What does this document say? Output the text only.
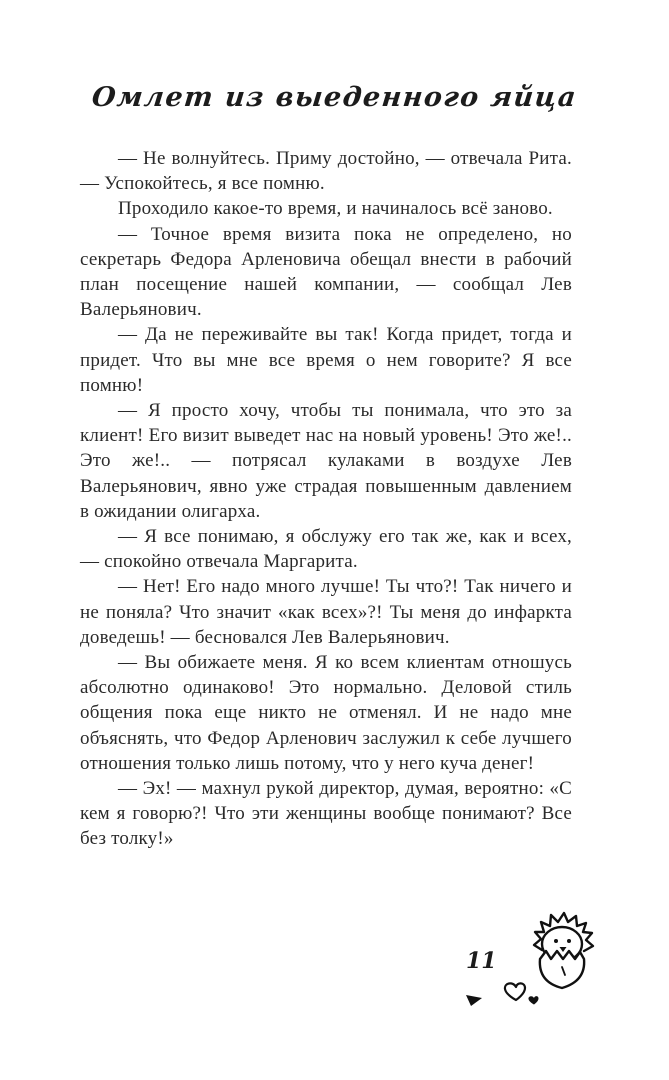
Омлет из выеденного яйца

— Не волнуйтесь. Приму достойно, — отвечала Рита. — Успокойтесь, я все помню.

Проходило какое-то время, и начиналось всё заново.

— Точное время визита пока не определено, но секретарь Федора Арленовича обещал внести в рабочий план посещение нашей компании, — сообщал Лев Валерьянович.

— Да не переживайте вы так! Когда придет, тогда и придет. Что вы мне все время о нем говорите? Я все помню!

— Я просто хочу, чтобы ты понимала, что это за клиент! Его визит выведет нас на новый уровень! Это же!.. Это же!.. — потрясал кулаками в воздухе Лев Валерьянович, явно уже страдая повышенным давлением в ожидании олигарха.

— Я все понимаю, я обслужу его так же, как и всех, — спокойно отвечала Маргарита.

— Нет! Его надо много лучше! Ты что?! Так ничего и не поняла? Что значит «как всех»?! Ты меня до инфаркта доведешь! — бесновался Лев Валерьянович.

— Вы обижаете меня. Я ко всем клиентам отношусь абсолютно одинаково! Это нормально. Деловой стиль общения пока еще никто не отменял. И не надо мне объяснять, что Федор Арленович заслужил к себе лучшего отношения только лишь потому, что у него куча денег!

— Эх! — махнул рукой директор, думая, вероятно: «С кем я говорю?! Что эти женщины вообще понимают? Все без толку!»

11
